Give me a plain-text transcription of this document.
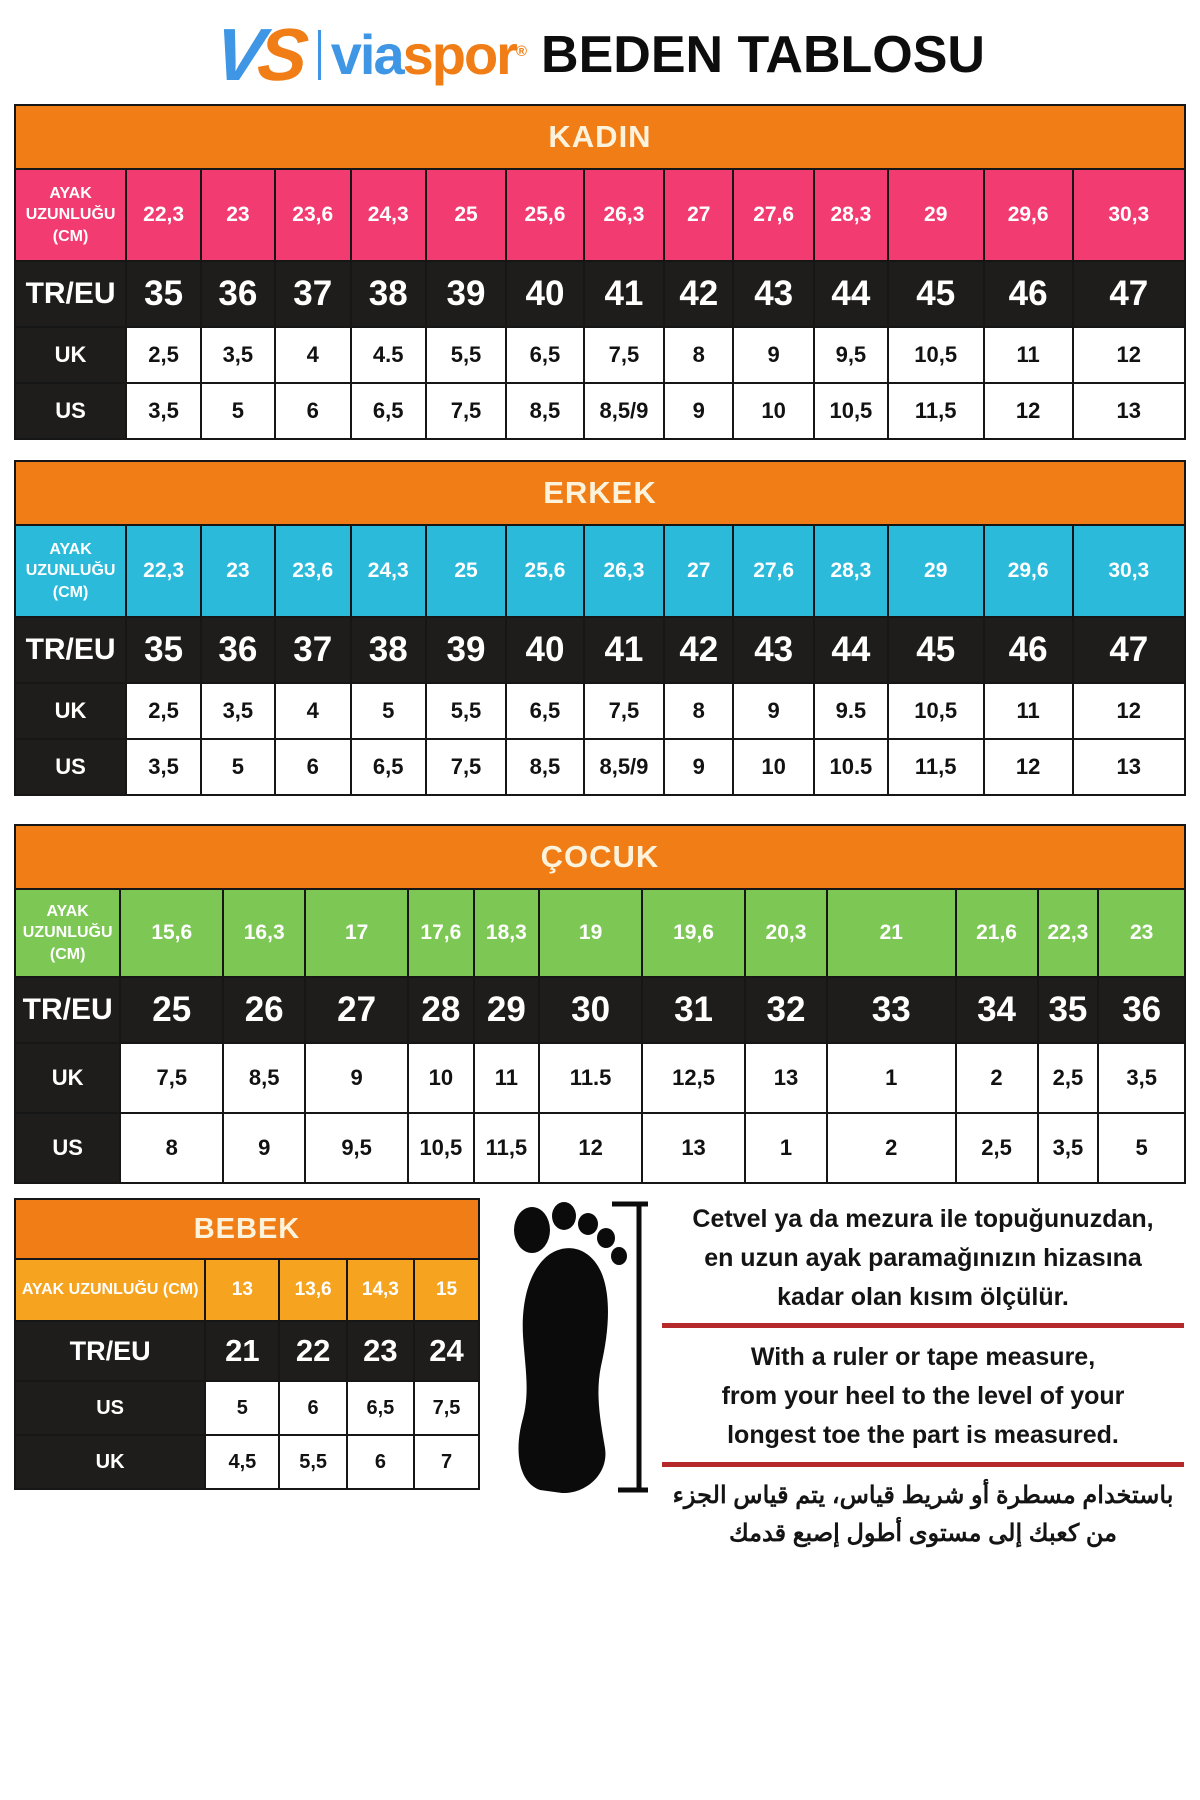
VS viaspor® BEDEN TABLOSU
KADIN													
AYAK UZUNLUĞU (CM)	22,3	23	23,6	24,3	25	25,6	26,3	27	27,6	28,3	29	29,6	30,3
TR/EU	35	36	37	38	39	40	41	42	43	44	45	46	47
UK	2,5	3,5	4	4.5	5,5	6,5	7,5	8	9	9,5	10,5	11	12
US	3,5	5	6	6,5	7,5	8,5	8,5/9	9	10	10,5	11,5	12	13
ERKEK													
AYAK UZUNLUĞU (CM)	22,3	23	23,6	24,3	25	25,6	26,3	27	27,6	28,3	29	29,6	30,3
TR/EU	35	36	37	38	39	40	41	42	43	44	45	46	47
UK	2,5	3,5	4	5	5,5	6,5	7,5	8	9	9.5	10,5	11	12
US	3,5	5	6	6,5	7,5	8,5	8,5/9	9	10	10.5	11,5	12	13
ÇOCUK												
AYAK UZUNLUĞU (CM)	15,6	16,3	17	17,6	18,3	19	19,6	20,3	21	21,6	22,3	23
TR/EU	25	26	27	28	29	30	31	32	33	34	35	36
UK	7,5	8,5	9	10	11	11.5	12,5	13	1	2	2,5	3,5
US	8	9	9,5	10,5	11,5	12	13	1	2	2,5	3,5	5
BEBEK				
AYAK UZUNLUĞU (CM)	13	13,6	14,3	15
TR/EU	21	22	23	24
US	5	6	6,5	7,5
UK	4,5	5,5	6	7
Cetvel ya da mezura ile topuğunuzdan,
en uzun ayak paramağınızın hizasına
kadar olan kısım ölçülür.
With a ruler or tape measure,
from your heel to the level of your
longest toe the part is measured.
باستخدام مسطرة أو شريط قياس، يتم قياس الجزء
من كعبك إلى مستوى أطول إصبع قدمك
